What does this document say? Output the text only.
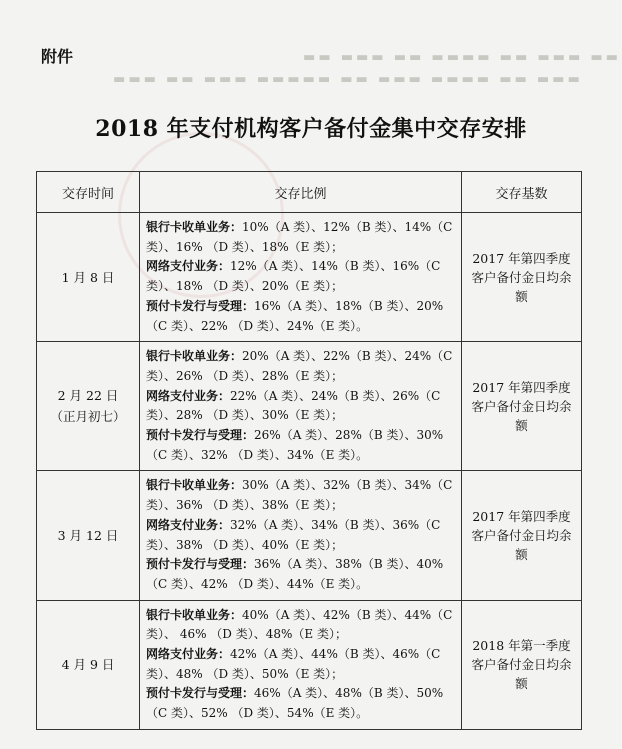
▬▬ ▬▬▬ ▬▬ ▬▬▬▬ ▬▬ ▬▬▬ ▬▬
▬▬▬ ▬▬ ▬▬▬▬ ▬▬▬ ▬▬ ▬▬▬▬▬ ▬▬▬ ▬▬ ▬▬▬
附件
2018 年支付机构客户备付金集中交存安排
交存时间	交存比例	交存基数

1 月 8 日	银行卡收单业务：10%（A 类）、12%（B 类）、14%（C 类）、16% （D 类）、18%（E 类）；
网络支付业务：12%（A 类）、14%（B 类）、16%（C 类）、18% （D 类）、20%（E 类）；
预付卡发行与受理：16%（A 类）、18%（B 类）、20%（C 类）、22% （D 类）、24%（E 类）。	2017 年第四季度客户备付金日均余额

2 月 22 日
（正月初七）	银行卡收单业务：20%（A 类）、22%（B 类）、24%（C 类）、26% （D 类）、28%（E 类）；
网络支付业务：22%（A 类）、24%（B 类）、26%（C 类）、28% （D 类）、30%（E 类）；
预付卡发行与受理：26%（A 类）、28%（B 类）、30%（C 类）、32% （D 类）、34%（E 类）。	2017 年第四季度客户备付金日均余额

3 月 12 日	银行卡收单业务：30%（A 类）、32%（B 类）、34%（C 类）、36% （D 类）、38%（E 类）；
网络支付业务：32%（A 类）、34%（B 类）、36%（C 类）、38% （D 类）、40%（E 类）；
预付卡发行与受理：36%（A 类）、38%（B 类）、40%（C 类）、42% （D 类）、44%（E 类）。	2017 年第四季度客户备付金日均余额

4 月 9 日	银行卡收单业务：40%（A 类）、42%（B 类）、44%（C 类）、 46% （D 类）、48%（E 类）；
网络支付业务：42%（A 类）、44%（B 类）、46%（C 类）、48% （D 类）、50%（E 类）；
预付卡发行与受理：46%（A 类）、48%（B 类）、50%（C 类）、52% （D 类）、54%（E 类）。	2018 年第一季度客户备付金日均余额
